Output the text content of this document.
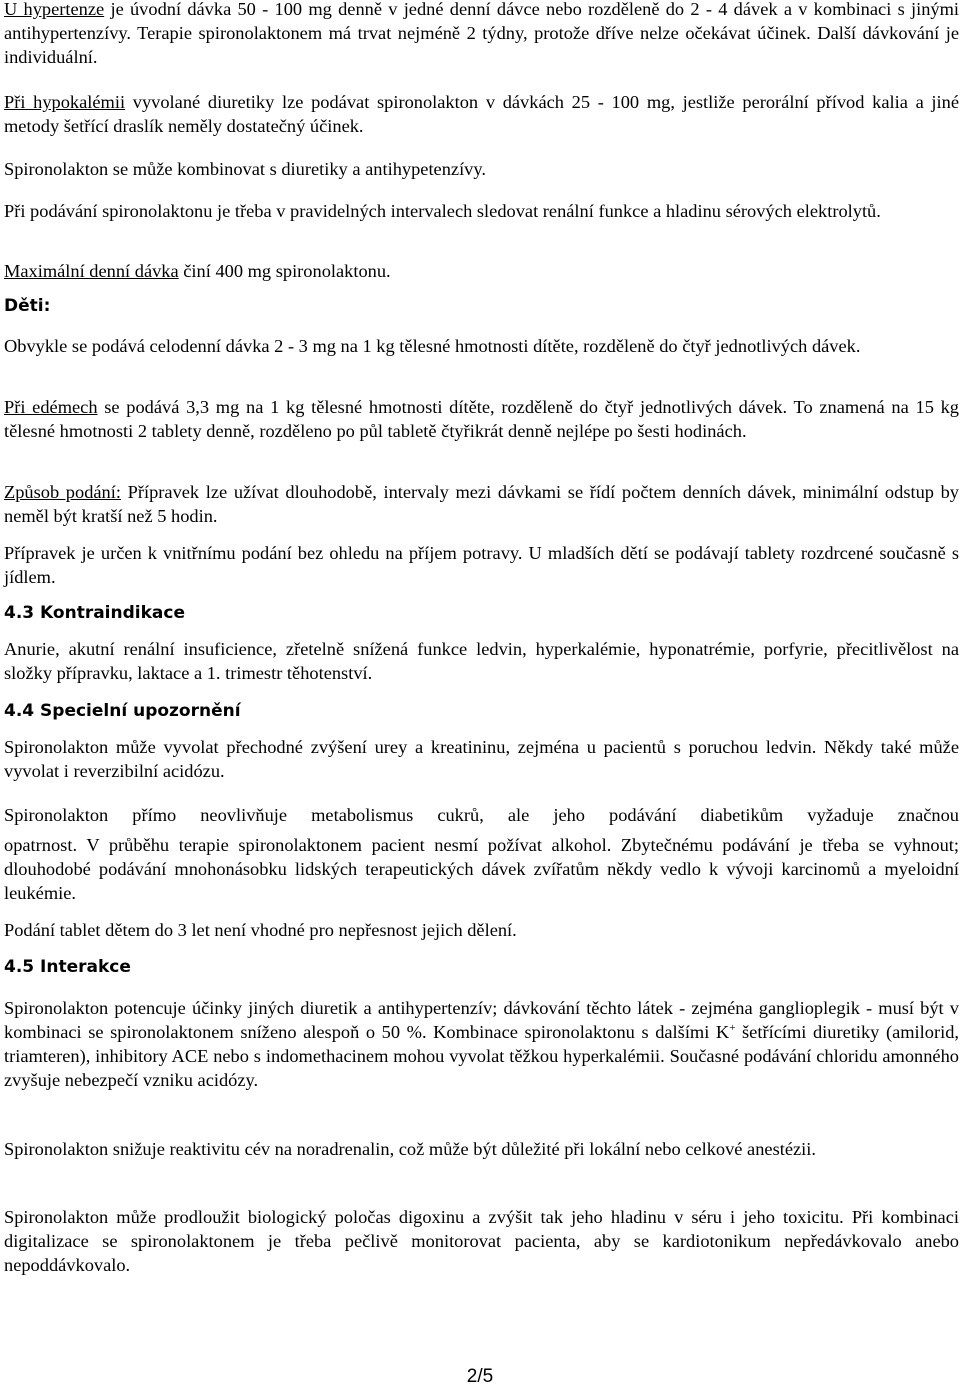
U hypertenze je úvodní dávka 50 - 100 mg denně v jedné denní dávce nebo rozděleně do 2 - 4 dávek a v kombinaci s jinými antihypertenzívy. Terapie spironolaktonem má trvat nejméně 2 týdny, protože dříve nelze očekávat účinek. Další dávkování je individuální.

Při hypokalémii vyvolané diuretiky lze podávat spironolakton v dávkách 25 - 100 mg, jestliže perorální přívod kalia a jiné metody šetřící draslík neměly dostatečný účinek.

Spironolakton se může kombinovat s diuretiky a antihypetenzívy.

Při podávání spironolaktonu je třeba v pravidelných intervalech sledovat renální funkce a hladinu sérových elektrolytů.

Maximální denní dávka činí 400 mg spironolaktonu.

Děti:

Obvykle se podává celodenní dávka 2 - 3 mg na 1 kg tělesné hmotnosti dítěte, rozděleně do čtyř jednotlivých dávek.

Při edémech se podává 3,3 mg na 1 kg tělesné hmotnosti dítěte, rozděleně do čtyř jednotlivých dávek. To znamená na 15 kg tělesné hmotnosti 2 tablety denně, rozděleno po půl tabletě čtyřikrát denně nejlépe po šesti hodinách.

Způsob podání: Přípravek lze užívat dlouhodobě, intervaly mezi dávkami se řídí počtem denních dávek, minimální odstup by neměl být kratší než 5 hodin.

Přípravek je určen k vnitřnímu podání bez ohledu na příjem potravy. U mladších dětí se podávají tablety rozdrcené současně s jídlem.

4.3 Kontraindikace

Anurie, akutní renální insuficience, zřetelně snížená funkce ledvin, hyperkalémie, hyponatrémie, porfyrie, přecitlivělost na složky přípravku, laktace a 1. trimestr těhotenství.

4.4 Specielní upozornění

Spironolakton může vyvolat přechodné zvýšení urey a kreatininu, zejména u pacientů s poruchou ledvin. Někdy také může vyvolat i reverzibilní acidózu.

Spironolakton přímo neovlivňuje metabolismus cukrů, ale jeho podávání diabetikům vyžaduje značnou

opatrnost. V průběhu terapie spironolaktonem pacient nesmí požívat alkohol. Zbytečnému podávání je třeba se vyhnout; dlouhodobé podávání mnohonásobku lidských terapeutických dávek zvířatům někdy vedlo k vývoji karcinomů a myeloidní leukémie.

Podání tablet dětem do 3 let není vhodné pro nepřesnost jejich dělení.

4.5 Interakce

Spironolakton potencuje účinky jiných diuretik a antihypertenzív; dávkování těchto látek - zejména ganglioplegik - musí být v kombinaci se spironolaktonem sníženo alespoň o 50 %. Kombinace spironolaktonu s dalšími K+ šetřícími diuretiky (amilorid, triamteren), inhibitory ACE nebo s indomethacinem mohou vyvolat těžkou hyperkalémii. Současné podávání chloridu amonného zvyšuje nebezpečí vzniku acidózy.

Spironolakton snižuje reaktivitu cév na noradrenalin, což může být důležité při lokální nebo celkové anestézii.

Spironolakton může prodloužit biologický poločas digoxinu a zvýšit tak jeho hladinu v séru i jeho toxicitu. Při kombinaci digitalizace se spironolaktonem je třeba pečlivě monitorovat pacienta, aby se kardiotonikum nepředávkovalo anebo nepoddávkovalo.

2/5
